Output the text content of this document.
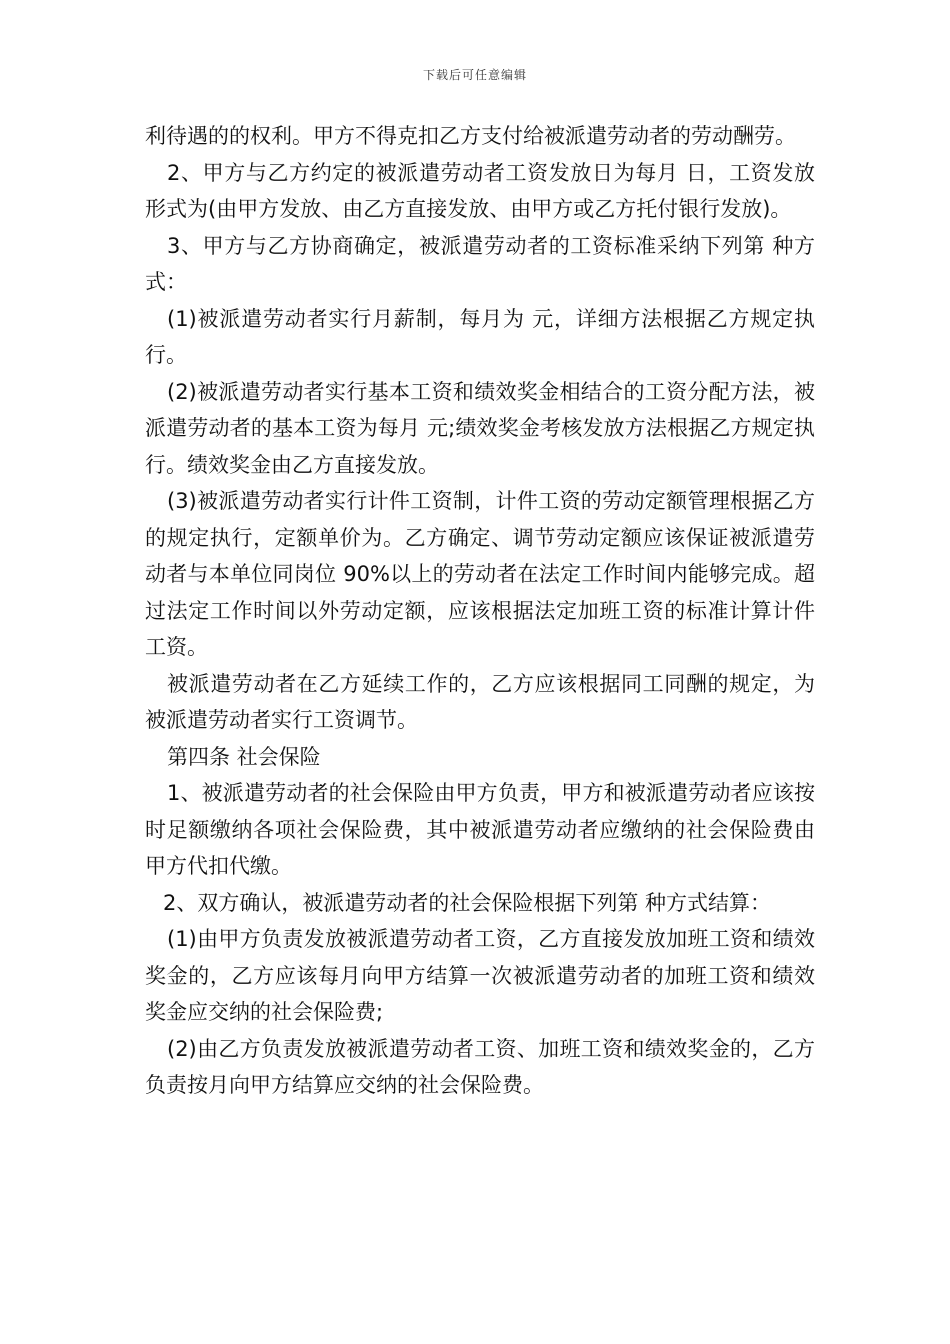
下载后可任意编辑

利待遇的的权利。甲方不得克扣乙方支付给被派遣劳动者的劳动酬劳。

2、甲方与乙方约定的被派遣劳动者工资发放日为每月 日，工资发放形式为(由甲方发放、由乙方直接发放、由甲方或乙方托付银行发放)。

3、甲方与乙方协商确定，被派遣劳动者的工资标准采纳下列第 种方式：

(1)被派遣劳动者实行月薪制，每月为 元，详细方法根据乙方规定执行。

(2)被派遣劳动者实行基本工资和绩效奖金相结合的工资分配方法，被派遣劳动者的基本工资为每月 元;绩效奖金考核发放方法根据乙方规定执行。绩效奖金由乙方直接发放。

(3)被派遣劳动者实行计件工资制，计件工资的劳动定额管理根据乙方的规定执行，定额单价为。乙方确定、调节劳动定额应该保证被派遣劳动者与本单位同岗位 90%以上的劳动者在法定工作时间内能够完成。超过法定工作时间以外劳动定额，应该根据法定加班工资的标准计算计件工资。

被派遣劳动者在乙方延续工作的，乙方应该根据同工同酬的规定，为被派遣劳动者实行工资调节。

第四条 社会保险

1、被派遣劳动者的社会保险由甲方负责，甲方和被派遣劳动者应该按时足额缴纳各项社会保险费，其中被派遣劳动者应缴纳的社会保险费由甲方代扣代缴。

2、双方确认，被派遣劳动者的社会保险根据下列第 种方式结算：

(1)由甲方负责发放被派遣劳动者工资，乙方直接发放加班工资和绩效奖金的，乙方应该每月向甲方结算一次被派遣劳动者的加班工资和绩效奖金应交纳的社会保险费;

(2)由乙方负责发放被派遣劳动者工资、加班工资和绩效奖金的，乙方负责按月向甲方结算应交纳的社会保险费。
